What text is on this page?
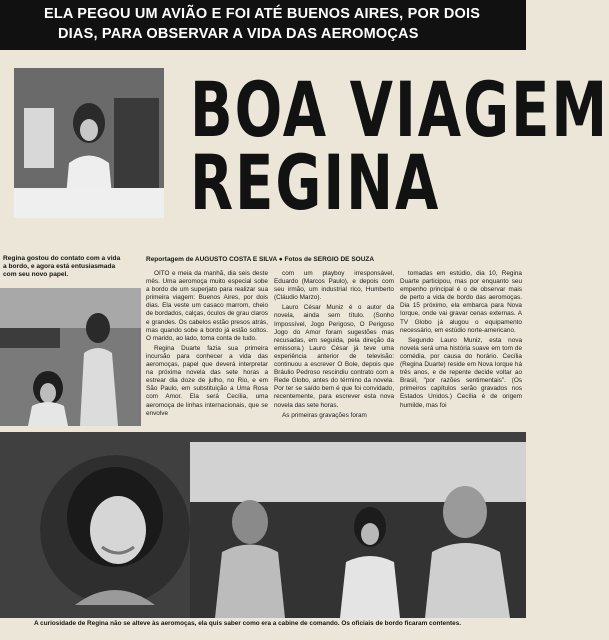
ELA PEGOU UM AVIÃO E FOI ATÉ BUENOS AIRES, POR DOIS
DIAS, PARA OBSERVAR A VIDA DAS AEROMOÇAS
BOA VIAGEM
REGINA
Regina gostou do contato com a vida a bordo, e agora está entusiasmada com seu novo papel.
Reportagem de AUGUSTO COSTA E SILVA ● Fotos de SERGIO DE SOUZA

OITO e meia da manhã, dia seis deste mês. Uma aeromoça muito especial sobe a bordo de um superjato para realizar sua primeira viagem: Buenos Aires, por dois dias. Ela veste um casaco marrom, cheio de bordados, calças, óculos de grau claros e grandes. Os cabelos estão presos atrás, mas quando sobe a bordo já estão soltos. O marido, ao lado, toma conta de tudo.

Regina Duarte fazia sua primeira incursão para conhecer a vida das aeromoças, papel que deverá interpretar na próxima novela das sete horas a estrear dia doze de julho, no Rio, e em São Paulo, em substituição a Uma Rosa com Amor. Ela será Cecília, uma aeromoça de linhas internacionais, que se envolve

com um playboy irresponsável, Eduardo (Marcos Paulo), e depois com seu irmão, um industrial rico, Humberto (Cláudio Marzo).

Lauro César Muniz é o autor da novela, ainda sem título. (Sonho Impossível, Jogo Perigoso, O Perigoso Jogo do Amor foram sugestões mas recusadas, em seguida, pela direção da emissora.) Lauro César já teve uma experiência anterior de televisão: continuou a escrever O Bole, depois que Bráulio Pedroso rescindiu contrato com a Rede Globo, antes do término da novela. Por ter se saído bem é que foi convidado, recentemente, para escrever esta nova novela das sete horas.

As primeiras gravações foram

tomadas em estúdio, dia 10, Regina Duarte participou, mas por enquanto seu empenho principal é o de observar mais de perto a vida de bordo das aeromoças. Dia 15 próximo, ela embarca para Nova Iorque, onde vai gravar cenas externas. A TV Globo já alugou o equipamento necessário, em estúdio norte-americano.

Segundo Lauro Muniz, esta nova novela será uma história suave em tom de comédia, por causa do horário. Cecília (Regina Duarte) reside em Nova Iorque há três anos, e de repente decide voltar ao Brasil, "por razões sentimentais". (Os primeiros capítulos serão gravados nos Estados Unidos.) Cecília é de origem humilde, mas foi

A curiosidade de Regina não se alteve às aeromoças, ela quis saber como era a cabine de comando. Os oficiais de bordo ficaram contentes.
